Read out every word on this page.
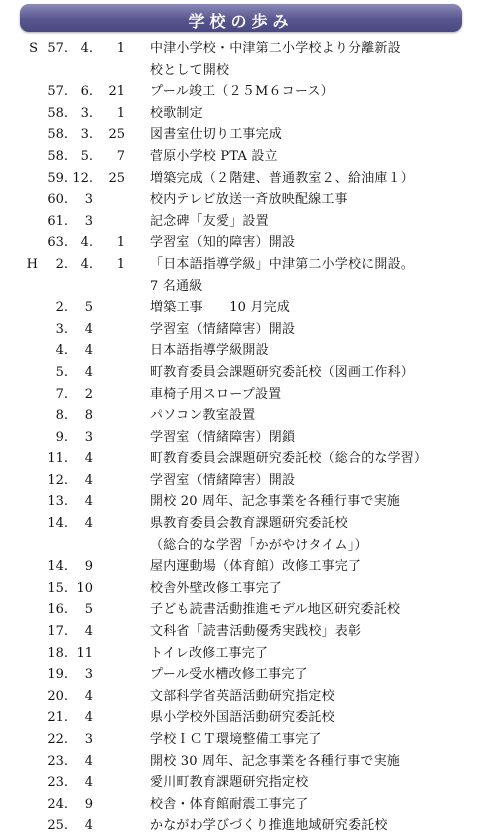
学校の歩み
S 57. 4.	1 中津小学校・中津第二小学校より分離新設
校として開校
57. 6.	21 プール竣工（２５M６コース）
58. 3.	1 校歌制定
58. 3.	25 図書室仕切り工事完成
58. 5.	7 菅原小学校 PTA 設立
59. 12.	25 増築完成（２階建、普通教室２、給油庫１）
60.	3	校内テレビ放送一斉放映配線工事
61.	3	記念碑「友愛」設置
63. 4.	1 学習室（知的障害）開設
H	2. 4.	1 「日本語指導学級」中津第二小学校に開設。
7 名通級
2.	5	増築工事　　10 月完成
3.	4	学習室（情緒障害）開設
4.	4	日本語指導学級開設
5.	4	町教育委員会課題研究委託校（図画工作科）
7.	2	車椅子用スロープ設置
8.	8	パソコン教室設置
9.	3	学習室（情緒障害）閉鎖
11.	4	町教育委員会課題研究委託校（総合的な学習）
12.	4	学習室（情緒障害）開設
13.	4	開校 20 周年、記念事業を各種行事で実施
14.	4	県教育委員会教育課題研究委託校
（総合的な学習「かがやけタイム」）
14.	9	屋内運動場（体育館）改修工事完了
15. 10	校舎外壁改修工事完了
16.	5	子ども読書活動推進モデル地区研究委託校
17.	4	文科省「読書活動優秀実践校」表彰
18. 11	トイレ改修工事完了
19.	3	プール受水槽改修工事完了
20.	4	文部科学省英語活動研究指定校
21.	4	県小学校外国語活動研究委託校
22.	3	学校ＩＣＴ環境整備工事完了
23.	4	開校 30 周年、記念事業を各種行事で実施
23.	4	愛川町教育課題研究指定校
24.	9	校舎・体育館耐震工事完了
25.	4	かながわ学びづくり推進地域研究委託校
